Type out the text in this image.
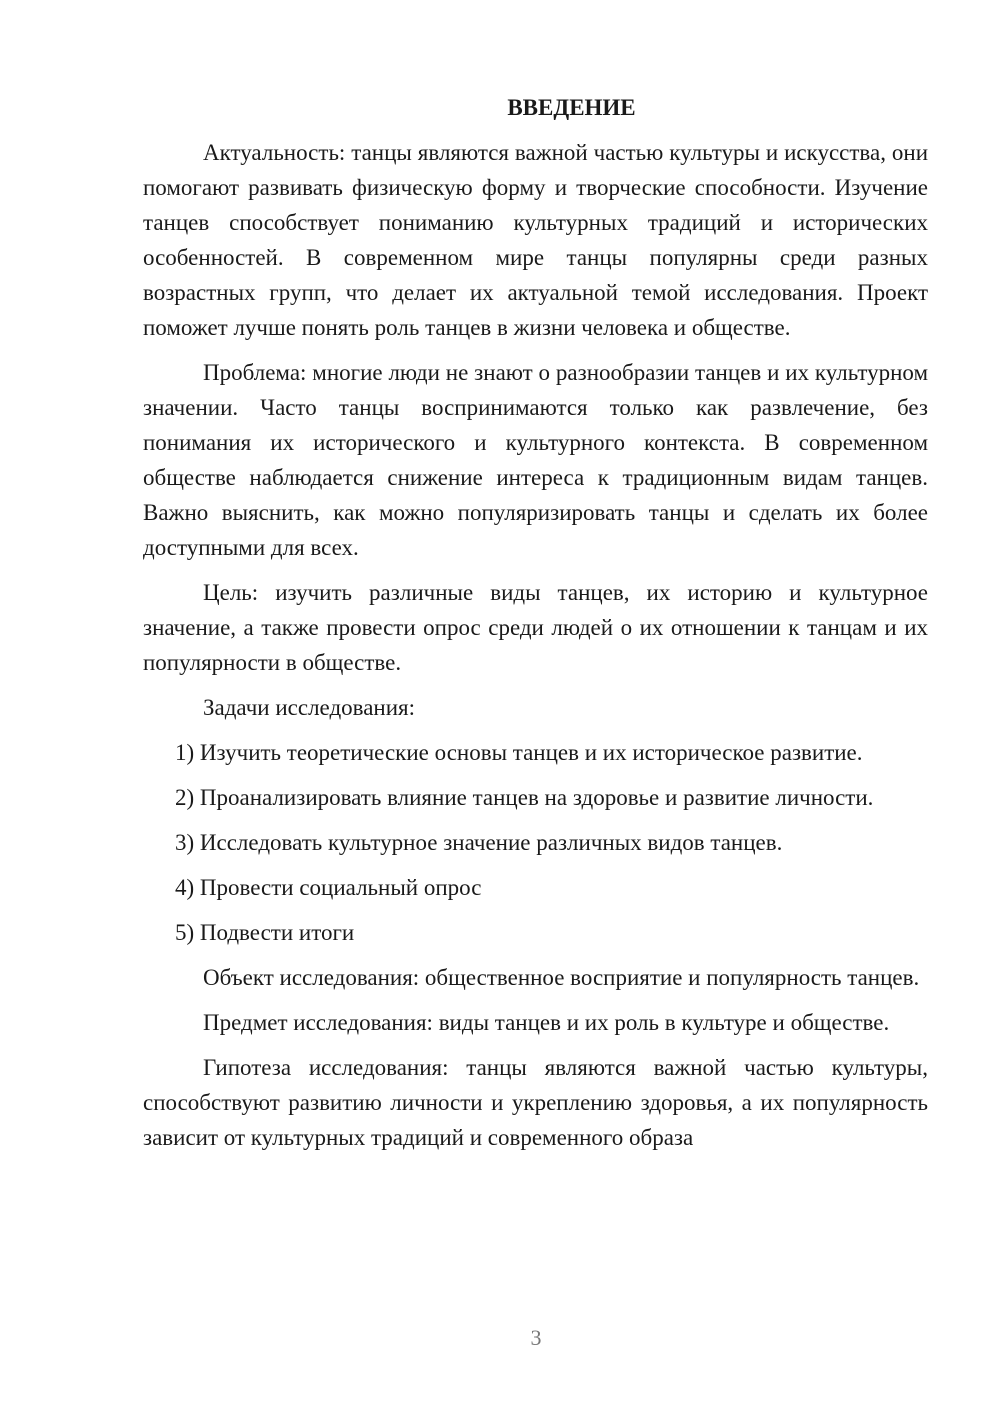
ВВЕДЕНИЕ

Актуальность: танцы являются важной частью культуры и искусства, они помогают развивать физическую форму и творческие способности. Изучение танцев способствует пониманию культурных традиций и исторических особенностей. В современном мире танцы популярны среди разных возрастных групп, что делает их актуальной темой исследования. Проект поможет лучше понять роль танцев в жизни человека и обществе.

Проблема: многие люди не знают о разнообразии танцев и их культурном значении. Часто танцы воспринимаются только как развлечение, без понимания их исторического и культурного контекста. В современном обществе наблюдается снижение интереса к традиционным видам танцев. Важно выяснить, как можно популяризировать танцы и сделать их более доступными для всех.

Цель: изучить различные виды танцев, их историю и культурное значение, а также провести опрос среди людей о их отношении к танцам и их популярности в обществе.

Задачи исследования:

1) Изучить теоретические основы танцев и их историческое развитие.

2) Проанализировать влияние танцев на здоровье и развитие личности.

3) Исследовать культурное значение различных видов танцев.

4) Провести социальный опрос

5) Подвести итоги

Объект исследования: общественное восприятие и популярность танцев.

Предмет исследования: виды танцев и их роль в культуре и обществе.

Гипотеза исследования: танцы являются важной частью культуры, способствуют развитию личности и укреплению здоровья, а их популярность зависит от культурных традиций и современного образа

3
